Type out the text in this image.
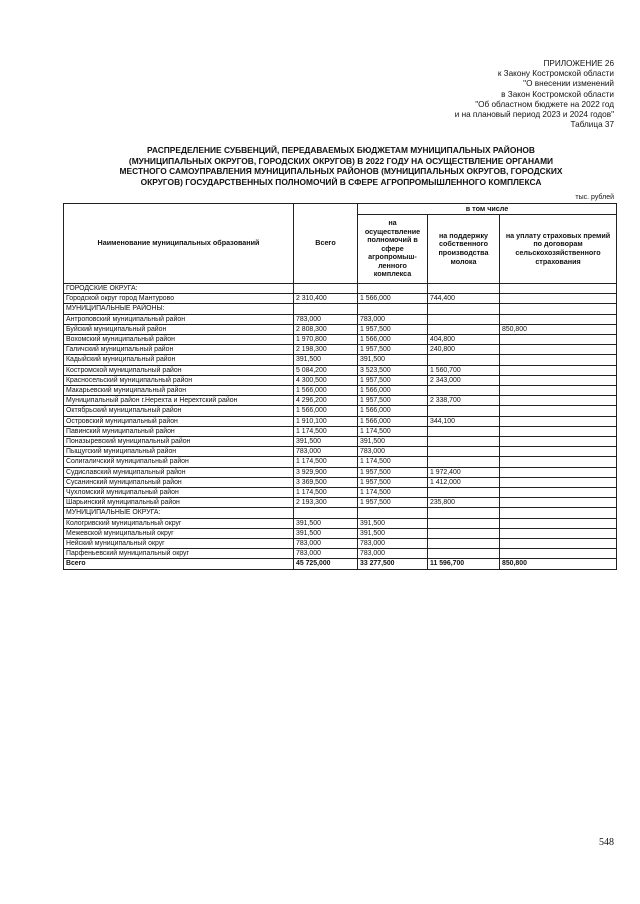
ПРИЛОЖЕНИЕ 26
к Закону Костромской области
"О внесении изменений
в Закон Костромской области
"Об областном бюджете на 2022 год
и на плановый период 2023 и 2024 годов"
Таблица 37
РАСПРЕДЕЛЕНИЕ СУБВЕНЦИЙ, ПЕРЕДАВАЕМЫХ БЮДЖЕТАМ МУНИЦИПАЛЬНЫХ РАЙОНОВ
(МУНИЦИПАЛЬНЫХ ОКРУГОВ, ГОРОДСКИХ ОКРУГОВ) В 2022 ГОДУ НА ОСУЩЕСТВЛЕНИЕ ОРГАНАМИ
МЕСТНОГО САМОУПРАВЛЕНИЯ МУНИЦИПАЛЬНЫХ РАЙОНОВ (МУНИЦИПАЛЬНЫХ ОКРУГОВ, ГОРОДСКИХ
ОКРУГОВ) ГОСУДАРСТВЕННЫХ ПОЛНОМОЧИЙ В СФЕРЕ АГРОПРОМЫШЛЕННОГО КОМПЛЕКСА
тыс. рублей
Наименование муниципальных образований	Всего	в том числе		
		на осуществление полномочий в сфере агропромыш-ленного комплекса	на поддержку собственного производства молока	на уплату страховых премий по договорам сельскохозяйственного страхования
ГОРОДСКИЕ ОКРУГА:				
Городской округ город Мантурово	2 310,400	1 566,000	744,400	
МУНИЦИПАЛЬНЫЕ РАЙОНЫ:				
Антроповский муниципальный район	783,000	783,000		
Буйский муниципальный район	2 808,300	1 957,500		850,800
Вохомский муниципальный район	1 970,800	1 566,000	404,800	
Галичский муниципальный район	2 198,300	1 957,500	240,800	
Кадыйский муниципальный район	391,500	391,500		
Костромской муниципальный район	5 084,200	3 523,500	1 560,700	
Красносельский муниципальный район	4 300,500	1 957,500	2 343,000	
Макарьевский муниципальный район	1 566,000	1 566,000		
Муниципальный район г.Нерехта и Нерехтский район	4 296,200	1 957,500	2 338,700	
Октябрьский муниципальный район	1 566,000	1 566,000		
Островский муниципальный район	1 910,100	1 566,000	344,100	
Павинский муниципальный район	1 174,500	1 174,500		
Поназыревский муниципальный район	391,500	391,500		
Пыщугский муниципальный район	783,000	783,000		
Солигаличский муниципальный район	1 174,500	1 174,500		
Судиславский муниципальный район	3 929,900	1 957,500	1 972,400	
Сусанинский муниципальный район	3 369,500	1 957,500	1 412,000	
Чухломский муниципальный район	1 174,500	1 174,500		
Шарьинский муниципальный район	2 193,300	1 957,500	235,800	
МУНИЦИПАЛЬНЫЕ ОКРУГА:				
Кологривский муниципальный округ	391,500	391,500		
Межевской муниципальный округ	391,500	391,500		
Нейский муниципальный округ	783,000	783,000		
Парфеньевский муниципальный округ	783,000	783,000		
Всего	45 725,000	33 277,500	11 596,700	850,800
548
